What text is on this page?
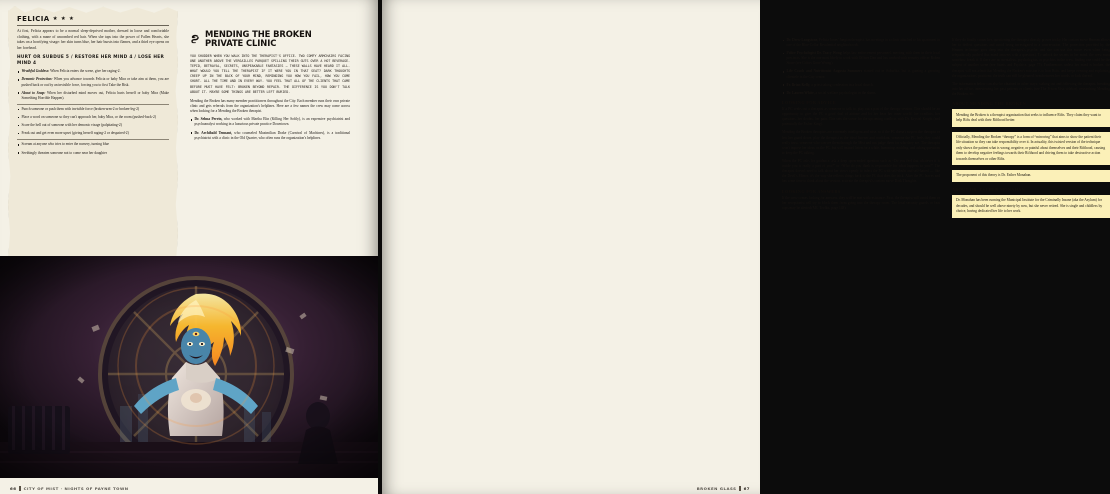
FELICIA ★ ★ ★
At first, Felicia appears to be a normal sleep-deprived mother, dressed in loose and comfortable clothing, with a mane of uncombed red hair. When she taps into the power of Fallen Hearts, she takes on a horrifying visage: her skin turns blue, her hair bursts into flames, and a third eye opens on her forehead.
HURT OR SUBDUE 5 / RESTORE HER MIND 4 / LOSE HER MIND 4
Wrathful Goddess: When Felicia enters the scene, give her raging-2.
Demonic Protection: When you advance towards Felicia or baby Mira or take aim at them, you are pushed back or out by an invisible force, forcing you to first Take the Risk.
About to Snap: When her disturbed mind moves out, Felicia hurts herself or baby Mira (Make Something Horrible Happen).
Punch someone or push them with invisible force (broken-arm-2 or broken-leg-2)
Place a word on someone so they can't approach her, baby Mira, or the room (pushed-back-2)
Scare the hell out of someone with her demonic visage (palpitating-2)
Freak out and get even more upset (giving herself raging-2 or despaired-2)
Scream at anyone who tries to enter the nursery, turning blue
Seethingly threaten someone not to come near her daughter
MENDING THE BROKEN
PRIVATE CLINIC
YOU SHUDDER WHEN YOU WALK INTO THE THERAPIST'S OFFICE. TWO COMFY ARMCHAIRS FACING ONE ANOTHER ABOVE THE VERSAILLES PARQUET SPILLING THEIR GUTS OVER A HOT BEVERAGE. TEPID, BETRAYAL, SECRETS, UNSPEAKABLE FANTASIES — THESE WALLS HAVE HEARD IT ALL. WHAT WOULD YOU TELL THE THERAPIST IF IT WERE YOU IN THAT SEAT? DARK THOUGHTS CREEP UP IN THE BACK OF YOUR MIND, REMINDING YOU HOW YOU FAIL, HOW YOU COME SHORT. ALL THE TIME AND IN EVERY WAY. YOU FEEL THAT ALL OF THE CLIENTS THAT CAME BEFORE MUST HAVE FELT: BROKEN BEYOND REPAIR. THE DIFFERENCE IS YOU DON'T TALK ABOUT IT. MAYBE SOME THINGS ARE BETTER LEFT BURIED.

Mending the Broken has many member practitioners throughout the City. Each member runs their own private clinic and gets referrals from the organization's helplines. Here are a few names the crew may come across when looking for a Mending the Broken therapist.

Dr. Selma Perrin, who worked with Martha Elin (Killing Her Softly), is an expensive psychiatrist and psychoanalyst working in a luxurious private practice Downtown.
Dr. Archibald Tennant, who counseled Maximilian Drake (Carnival of Machines), is a traditional psychiatrist with a clinic in the Old Quarter, who often runs the organization's helplines.
66 CITY OF MIST · NIGHTS OF PAYNE TOWN
Dr. Drew Langstone, Felicia Jones' Jungian therapist, has meetings in a clinic attached to his apartment in one of the Blue-Collar Residential neighborhoods.
Police Psychologist Dr. Tracy Wong helps law enforcement personnel, meeting with them in their local precincts. She is the one most likely to work with Officer Dan and has worked with security officer Ruben Stone (see Colors Gone Wrong).
Life Coach and Nutritionist Augusta Summers started out in Suburbia, but is gaining a growing clientele in the City centre.
Fr. Brian Kelly, a priest taking confession in a local church.
Dr. Lauren White, a social welfare psychologist in the slums.
LOOKING FOR ADVICE

If a PC seeks out a therapist as someone to talk to, play out a part of the therapy session. This should be an opportunity to give the PC a good deal of airtime and let her bear her inner world: her conflicts, her questions, her doubts, her pain. This sets the scene for the upcoming conflicts with Dr. Krystal Knight (and potentially the Fisher King).

Mending the Broken therapists are extremely intelligent and wise, so if the PC doesn't suspect the therapist or lets her guard down, play the therapist as the ideal listener and confidant, someone the PC feels they could really trust, someone who can see them through the Mist and not judge them for who they are. The therapist won't impose her ideas on the PC, but will instead listen for a while, humming, nodding, and asking questions to keep the PC talking.

When the PC asks for guidance, ask a deep open-ended question such as “Do you feel that whatever it is inside you is really a part of you?” or “Who do you think is responsible for what happens to you?” The therapist doesn't need to talk about her views openly to infect the PC with self-doubt and self-hatred — like the Devil's Mirror, it's the way she reflects things back to the PC that does the trick. After the PC leaves and has some time to think about the session, activate the therapist's custom move Dark Thoughts.

LOOKING FOR ANSWERS

If the crew comes looking for answers, they will be met with resistance. First, the therapist will avoid them or her receptionist will try to block them from going into the therapy room. The local security guards or beat cops may be alerted (MC Toolkit, page 148).

If they do finally corner her, questioning the therapist directly proves tricky. Her custom move Hmmm allows her to deflect questions and avoid being investigated in a conversation. The protection provided by the Hmmm technique goes deep into the therapist's psyche, and she can use this move even when being telepathically probed (but mind answers with a question). To unlock the secrets in her mind, the crew must somehow break it. If there are no mentalists, psychologists, or psychics in the crew, finding one could be the subject of another scene (see Saints and Psychics, page 75). Furthermore, unless her mind is broken, the therapist will not admit that Mending the Broken's mission is to hurt Rifts, and keeps evening and explaining the organizations' positions; the truth can still be gleaned from between her words, or lack thereof.

The information below can also be obtained in other ways: staking out and following the therapist, breaking into her office, interviewing her past patients or clients (see The Prison Visit sidebar), researching Mending the Broken, etc.

ABOUT MENDING THE BROKEN
Mending the Broken is a therapist organization that seeks to influence Rifts. They claim they want to help Rifts deal with their Rifthood better.
Officially, Mending the Broken “therapy” is a form of “mirroring” that aims to show the patient their life situation so they can take responsibility over it. In actuality, this twisted version of the technique only shows the patient what is wrong, negative, or painful about themselves and their Rifthood, causing them to develop negative feelings towards their Rifthood and driving them to take destructive action towards themselves or other Rifts.
The proponent of this theory is Dr. Esther Monahan.
ABOUT DR. ESTHER MONAHAN
Dr. Monahan has been running the Municipal Institute for the Criminally Insane (aka the Asylum) for decades, and should be well above ninety by now, but she never retired. She is single and childless by choice, having dedicated her life to her work.
BROKEN GLASS 67
